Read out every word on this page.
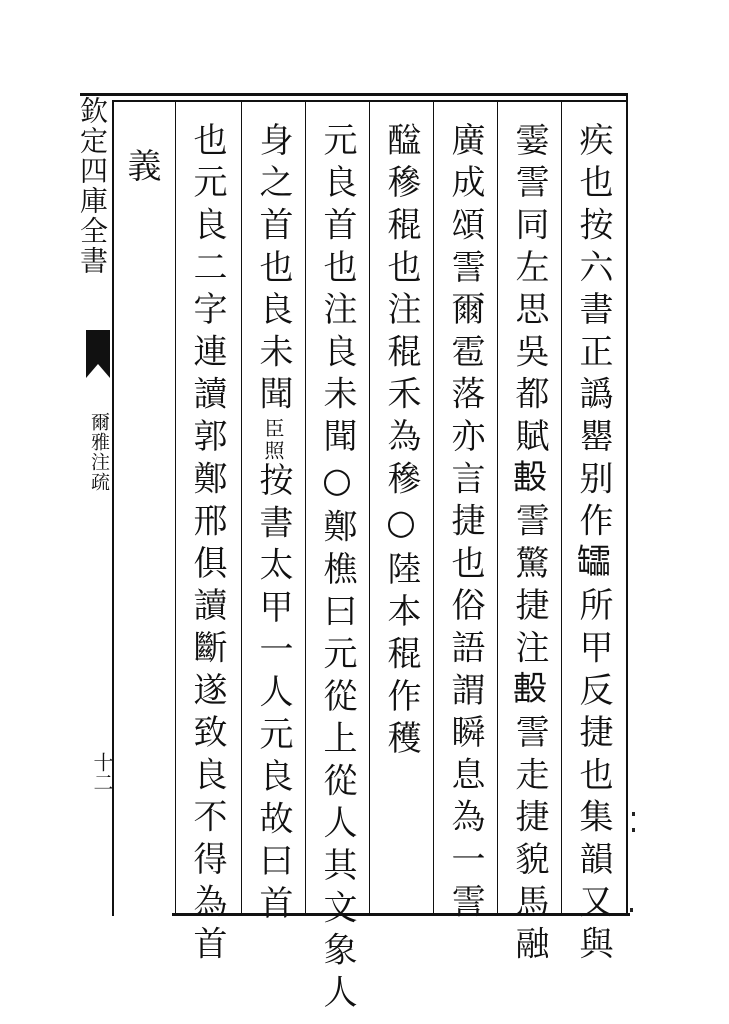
欽定四庫全書
爾雅注疏
十二	疾也按六書正譌罌别作𦉢所甲反捷也集韻又與
霎霅同左思吳都賦𣪠霅驚捷注𣪠霅走捷貌馬融
廣成頌霅爾雹落亦言捷也俗語謂瞬息為一霅
䤈穇䅙也注䅙禾為穇○陸本䅙作穫
元良首也注良未聞○鄭樵曰元從上從人其文象人
身之首也良未聞臣照按書太甲一人元良故曰首
也元良二字連讀郭鄭邢俱讀斷遂致良不得為首
義
